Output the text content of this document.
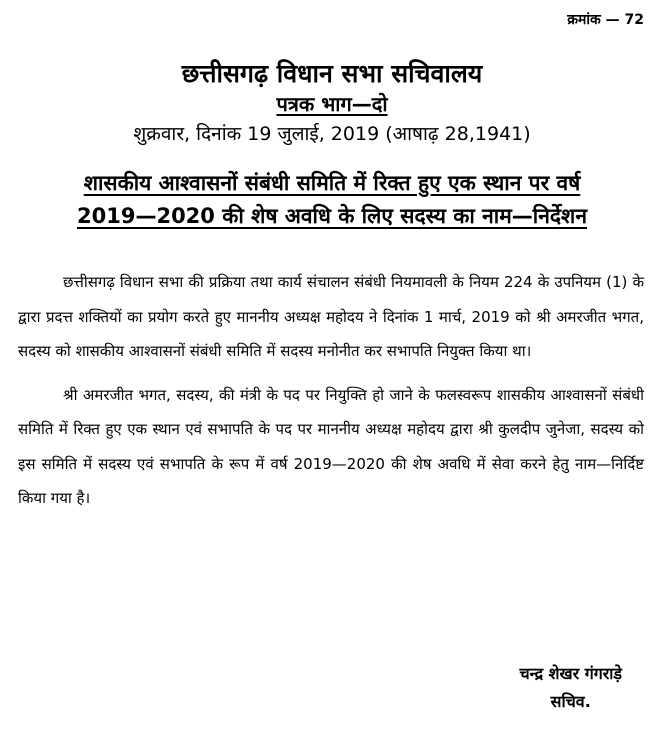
क्रमांक — 72

छत्तीसगढ़ विधान सभा सचिवालय

पत्रक भाग—दो

शुक्रवार, दिनांक 19 जुलाई, 2019 (आषाढ़ 28,1941)

शासकीय आश्वासनों संबंधी समिति में रिक्त हुए एक स्थान पर वर्ष
2019—2020 की शेष अवधि के लिए सदस्य का नाम—निर्देशन

छत्तीसगढ़ विधान सभा की प्रक्रिया तथा कार्य संचालन संबंधी नियमावली के नियम 224 के उपनियम (1) के द्वारा प्रदत्त शक्तियों का प्रयोग करते हुए माननीय अध्यक्ष महोदय ने दिनांक 1 मार्च, 2019 को श्री अमरजीत भगत, सदस्य को शासकीय आश्वासनों संबंधी समिति में सदस्य मनोनीत कर सभापति नियुक्त किया था।

श्री अमरजीत भगत, सदस्य, की मंत्री के पद पर नियुक्ति हो जाने के फलस्वरूप शासकीय आश्वासनों संबंधी समिति में रिक्त हुए एक स्थान एवं सभापति के पद पर माननीय अध्यक्ष महोदय द्वारा श्री कुलदीप जुनेजा, सदस्य को इस समिति में सदस्य एवं सभापति के रूप में वर्ष 2019—2020 की शेष अवधि में सेवा करने हेतु नाम—निर्दिष्ट किया गया है।

चन्द्र शेखर गंगराड़े
सचिव.
